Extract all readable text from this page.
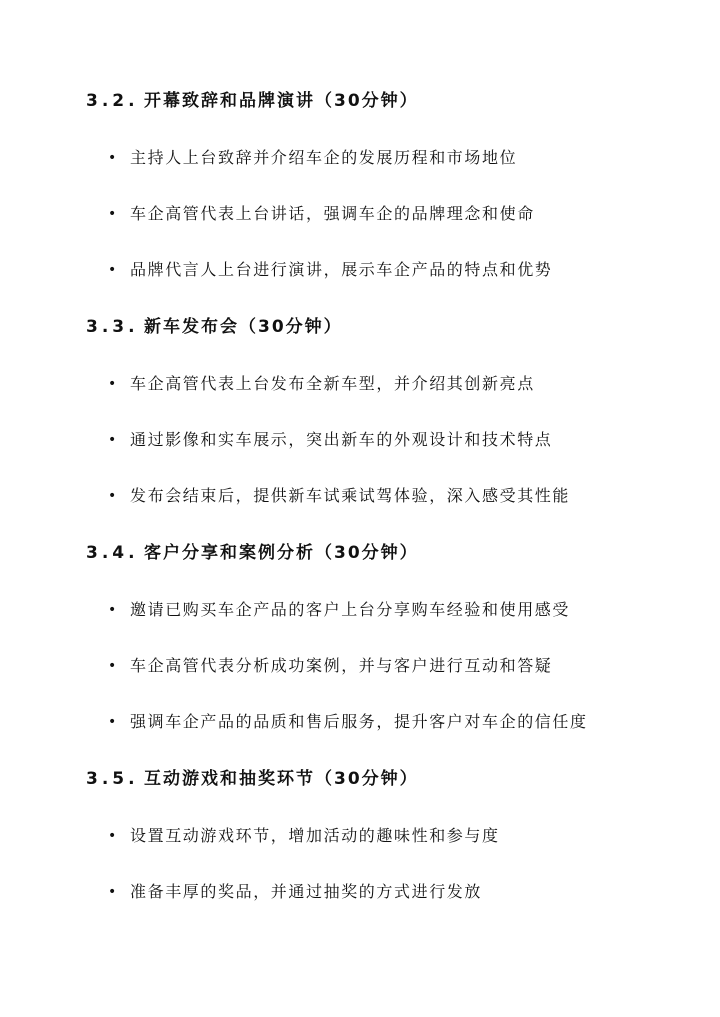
3.2. 开幕致辞和品牌演讲（30分钟）
• 主持人上台致辞并介绍车企的发展历程和市场地位
• 车企高管代表上台讲话，强调车企的品牌理念和使命
• 品牌代言人上台进行演讲，展示车企产品的特点和优势
3.3. 新车发布会（30分钟）
• 车企高管代表上台发布全新车型，并介绍其创新亮点
• 通过影像和实车展示，突出新车的外观设计和技术特点
• 发布会结束后，提供新车试乘试驾体验，深入感受其性能
3.4. 客户分享和案例分析（30分钟）
• 邀请已购买车企产品的客户上台分享购车经验和使用感受
• 车企高管代表分析成功案例，并与客户进行互动和答疑
• 强调车企产品的品质和售后服务，提升客户对车企的信任度
3.5. 互动游戏和抽奖环节（30分钟）
• 设置互动游戏环节，增加活动的趣味性和参与度
• 准备丰厚的奖品，并通过抽奖的方式进行发放
